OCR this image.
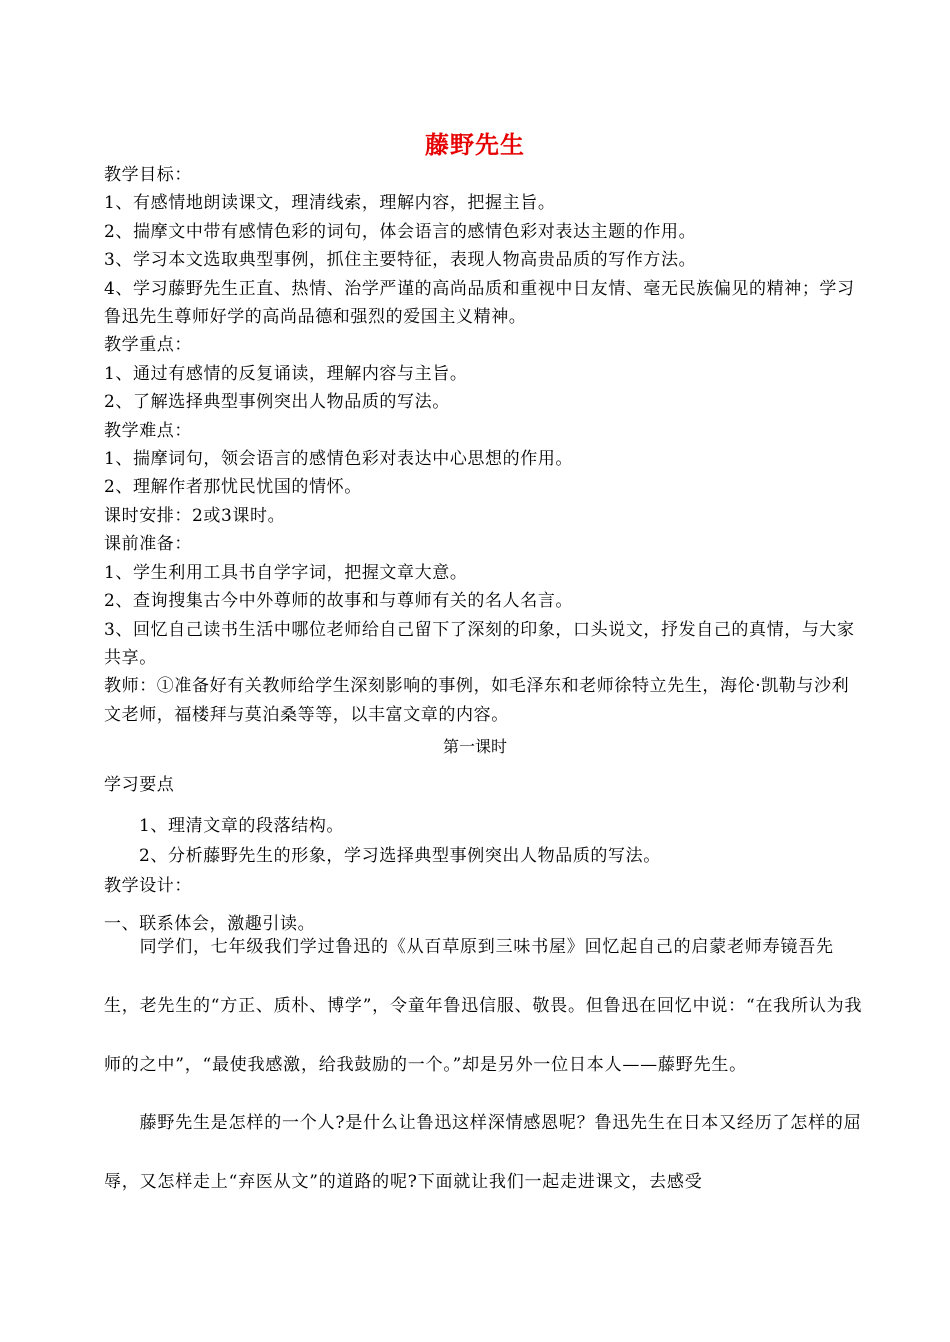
藤野先生

教学目标：

1、有感情地朗读课文，理清线索，理解内容，把握主旨。

2、揣摩文中带有感情色彩的词句，体会语言的感情色彩对表达主题的作用。

3、学习本文选取典型事例，抓住主要特征，表现人物高贵品质的写作方法。

4、学习藤野先生正直、热情、治学严谨的高尚品质和重视中日友情、毫无民族偏见的精神；学习鲁迅先生尊师好学的高尚品德和强烈的爱国主义精神。

教学重点：

1、通过有感情的反复诵读，理解内容与主旨。

2、了解选择典型事例突出人物品质的写法。

教学难点：

1、揣摩词句，领会语言的感情色彩对表达中心思想的作用。

2、理解作者那忧民忧国的情怀。

课时安排：2或3课时。

课前准备：

1、学生利用工具书自学字词，把握文章大意。

2、查询搜集古今中外尊师的故事和与尊师有关的名人名言。

3、回忆自己读书生活中哪位老师给自己留下了深刻的印象，口头说文，抒发自己的真情，与大家共享。

教师：①准备好有关教师给学生深刻影响的事例，如毛泽东和老师徐特立先生，海伦·凯勒与沙利文老师，福楼拜与莫泊桑等等，以丰富文章的内容。

第一课时
学习要点
1、理清文章的段落结构。
2、分析藤野先生的形象，学习选择典型事例突出人物品质的写法。
教学设计：
一、联系体会，激趣引读。

　　同学们，七年级我们学过鲁迅的《从百草原到三味书屋》回忆起自己的启蒙老师寿镜吾先生，老先生的“方正、质朴、博学”，令童年鲁迅信服、敬畏。但鲁迅在回忆中说：“在我所认为我师的之中”，“最使我感激，给我鼓励的一个。”却是另外一位日本人——藤野先生。

　　藤野先生是怎样的一个人?是什么让鲁迅这样深情感恩呢？鲁迅先生在日本又经历了怎样的屈辱，又怎样走上“弃医从文”的道路的呢?下面就让我们一起走进课文，去感受
